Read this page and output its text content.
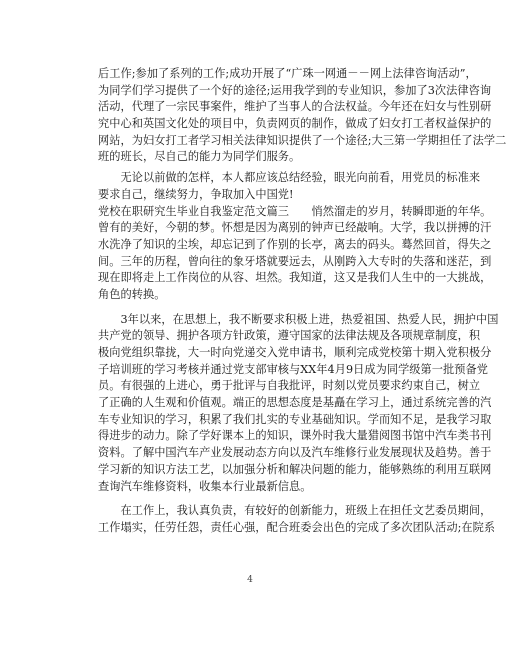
后工作;参加了系列的工作;成功开展了“广珠一网通－－网上法律咨询活动”，
为同学们学习提供了一个好的途径;运用我学到的专业知识，参加了3次法律咨询
活动，代理了一宗民事案件，维护了当事人的合法权益。今年还在妇女与性别研
究中心和英国文化处的项目中，负责网页的制作，做成了妇女打工者权益保护的
网站，为妇女打工者学习相关法律知识提供了一个途径;大三第一学期担任了法学二
班的班长，尽自己的能力为同学们服务。
　　无论以前做的怎样，本人都应该总结经验，眼光向前看，用党员的标准来
要求自己，继续努力，争取加入中国党!
党校在职研究生毕业自我鉴定范文篇三　　悄然溜走的岁月，转瞬即逝的年华。
曾有的美好，今朝的梦。怀想是因为离别的钟声已经敲响。大学，我以拼搏的汗
水洗净了知识的尘埃，却忘记到了作别的长亭，离去的码头。蓦然回首，得失之
间。三年的历程，曾向往的象牙塔就要远去，从刚跨入大专时的失落和迷茫，到
现在即将走上工作岗位的从容、坦然。我知道，这又是我们人生中的一大挑战，
角色的转换。
　　3年以来，在思想上，我不断要求积极上进，热爱祖国、热爱人民，拥护中国
共产党的领导、拥护各项方针政策，遵守国家的法律法规及各项规章制度，积
极向党组织靠拢，大一时向党递交入党申请书，顺利完成党校第十期入党积极分
子培训班的学习考核并通过党支部审核与XX年4月9日成为同学级第一批预备党
员。有很强的上进心，勇于批评与自我批评，时刻以党员要求约束自己，树立
了正确的人生观和价值观。端正的思想态度是基矗在学习上，通过系统完善的汽
车专业知识的学习，积累了我们扎实的专业基础知识。学而知不足，是我学习取
得进步的动力。除了学好课本上的知识，课外时我大量猎阅图书馆中汽车类书刊
资料。了解中国汽车产业发展动态方向以及汽车维修行业发展现状及趋势。善于
学习新的知识方法工艺，以加强分析和解决问题的能力，能够熟练的利用互联网
查询汽车维修资料，收集本行业最新信息。
　　在工作上，我认真负责，有较好的创新能力，班级上在担任文艺委员期间，
工作塌实，任劳任怨，责任心强，配合班委会出色的完成了多次团队活动;在院系
4
